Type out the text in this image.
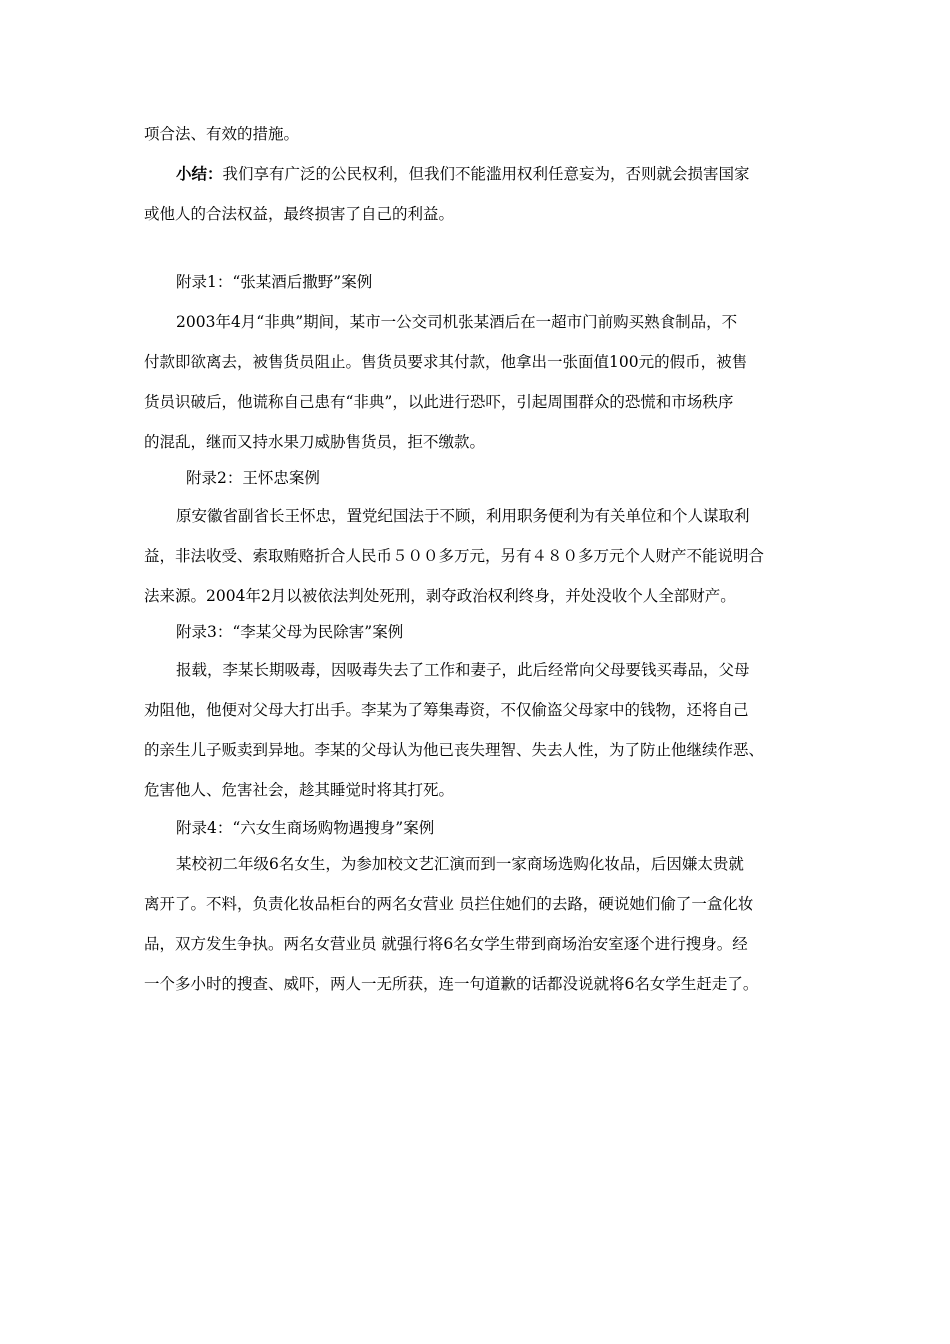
项合法、有效的措施。
小结：我们享有广泛的公民权利，但我们不能滥用权利任意妄为，否则就会损害国家
或他人的合法权益，最终损害了自己的利益。
附录1：“张某酒后撒野”案例
2003年4月“非典”期间，某市一公交司机张某酒后在一超市门前购买熟食制品，不
付款即欲离去，被售货员阻止。售货员要求其付款，他拿出一张面值100元的假币，被售
货员识破后，他谎称自己患有“非典”，以此进行恐吓，引起周围群众的恐慌和市场秩序
的混乱，继而又持水果刀威胁售货员，拒不缴款。
附录2：王怀忠案例
原安徽省副省长王怀忠，置党纪国法于不顾，利用职务便利为有关单位和个人谋取利
益，非法收受、索取贿赂折合人民币５００多万元，另有４８０多万元个人财产不能说明合
法来源。2004年2月以被依法判处死刑，剥夺政治权利终身，并处没收个人全部财产。
附录3：“李某父母为民除害”案例
报载，李某长期吸毒，因吸毒失去了工作和妻子，此后经常向父母要钱买毒品，父母
劝阻他，他便对父母大打出手。李某为了筹集毒资，不仅偷盗父母家中的钱物，还将自己
的亲生儿子贩卖到异地。李某的父母认为他已丧失理智、失去人性，为了防止他继续作恶、
危害他人、危害社会，趁其睡觉时将其打死。
附录4：“六女生商场购物遇搜身”案例
某校初二年级6名女生，为参加校文艺汇演而到一家商场选购化妆品，后因嫌太贵就
离开了。不料，负责化妆品柜台的两名女营业 员拦住她们的去路，硬说她们偷了一盒化妆
品，双方发生争执。两名女营业员 就强行将6名女学生带到商场治安室逐个进行搜身。经
一个多小时的搜查、威吓，两人一无所获，连一句道歉的话都没说就将6名女学生赶走了。
